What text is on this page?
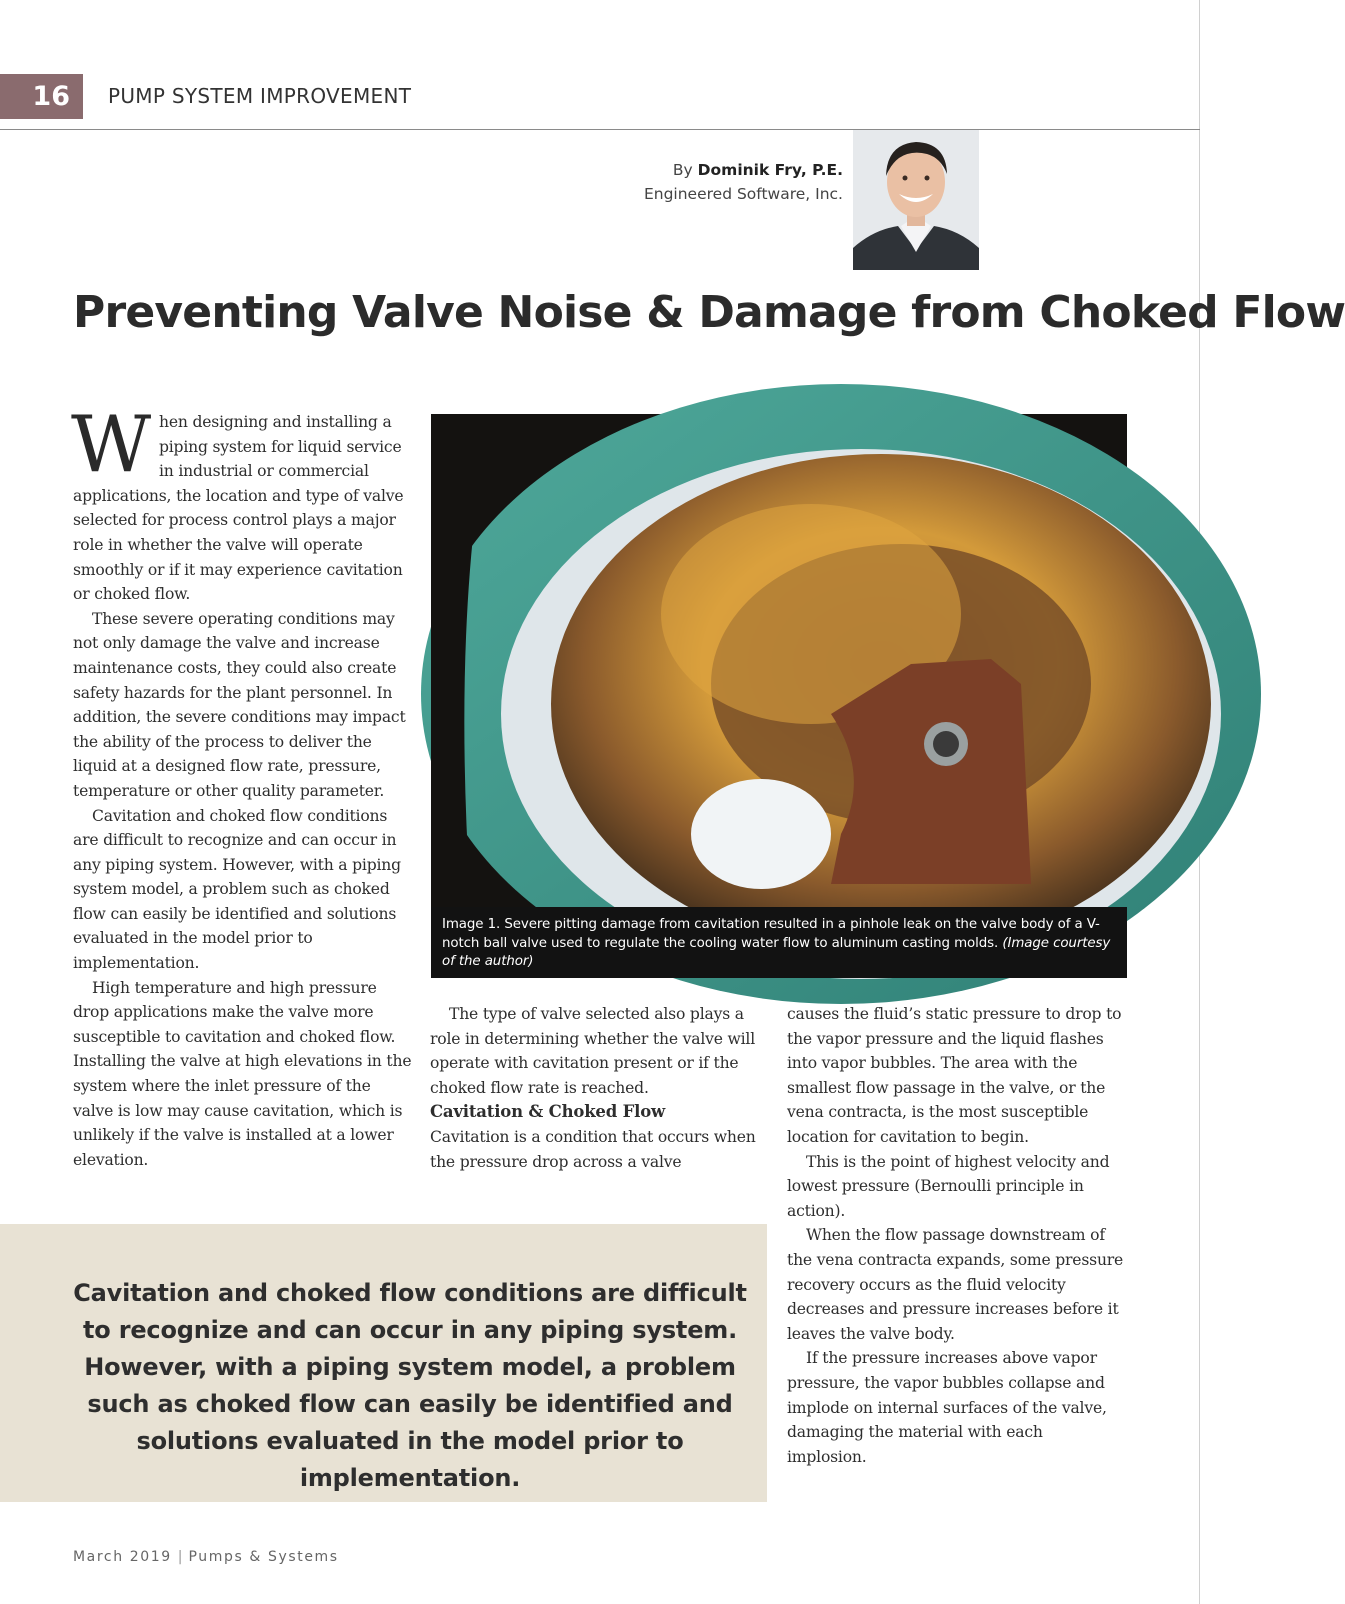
16	PUMP SYSTEM IMPROVEMENT
By Dominik Fry, P.E.
Engineered Software, Inc.
Preventing Valve Noise & Damage from Choked Flow

When designing and installing a piping system for liquid service in industrial or commercial applications, the location and type of valve selected for process control plays a major role in whether the valve will operate smoothly or if it may experience cavitation or choked flow.

These severe operating conditions may not only damage the valve and increase maintenance costs, they could also create safety hazards for the plant personnel. In addition, the severe conditions may impact the ability of the process to deliver the liquid at a designed flow rate, pressure, temperature or other quality parameter.

Cavitation and choked flow conditions are difficult to recognize and can occur in any piping system. However, with a piping system model, a problem such as choked flow can easily be identified and solutions evaluated in the model prior to implementation.

High temperature and high pressure drop applications make the valve more susceptible to cavitation and choked flow. Installing the valve at high elevations in the system where the inlet pressure of the valve is low may cause cavitation, which is unlikely if the valve is installed at a lower elevation.

Image 1. Severe pitting damage from cavitation resulted in a pinhole leak on the valve body of a V-notch ball valve used to regulate the cooling water flow to aluminum casting molds. (Image courtesy of the author)

The type of valve selected also plays a role in determining whether the valve will operate with cavitation present or if the choked flow rate is reached.

Cavitation & Choked Flow

Cavitation is a condition that occurs when the pressure drop across a valve

causes the fluid’s static pressure to drop to the vapor pressure and the liquid flashes into vapor bubbles. The area with the smallest flow passage in the valve, or the vena contracta, is the most susceptible location for cavitation to begin.

This is the point of highest velocity and lowest pressure (Bernoulli principle in action).

When the flow passage downstream of the vena contracta expands, some pressure recovery occurs as the fluid velocity decreases and pressure increases before it leaves the valve body.

If the pressure increases above vapor pressure, the vapor bubbles collapse and implode on internal surfaces of the valve, damaging the material with each implosion.

Cavitation and choked flow conditions are difficult to recognize and can occur in any piping system. However, with a piping system model, a problem such as choked flow can easily be identified and solutions evaluated in the model prior to implementation.
March 2019 | Pumps & Systems
